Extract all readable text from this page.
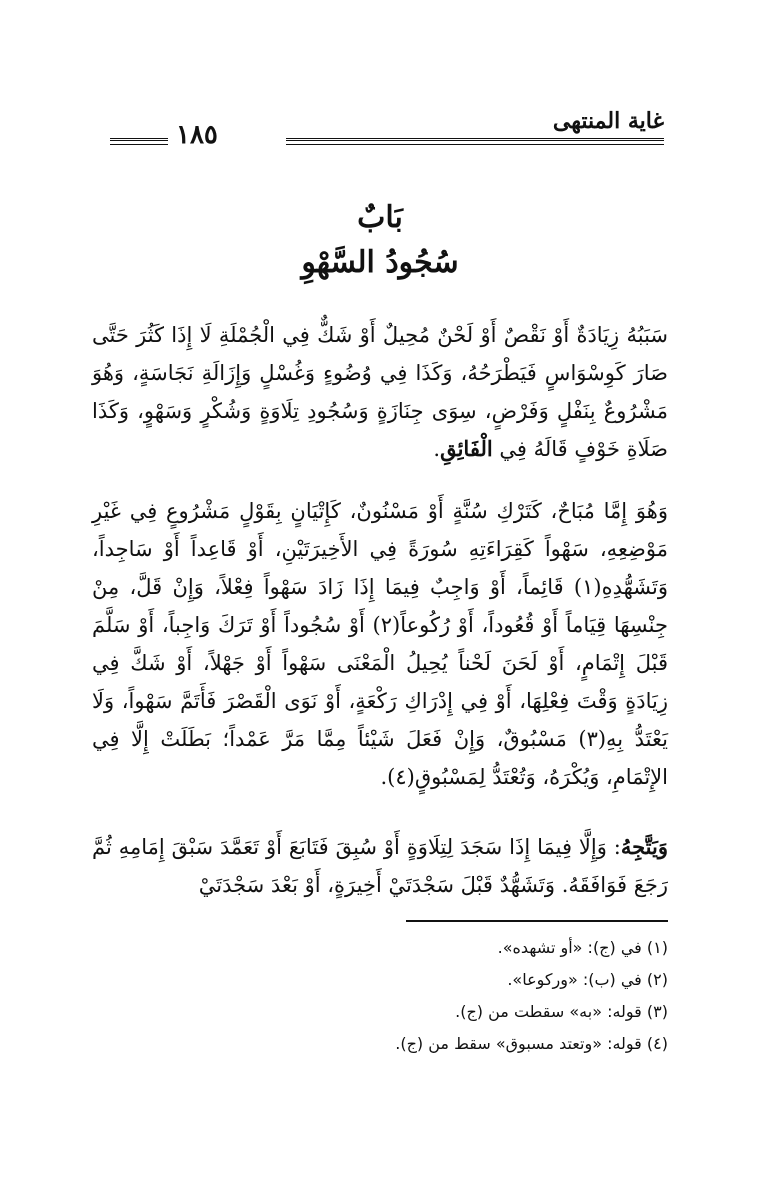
غاية المنتهى
١٨٥
بَابٌ
سُجُودُ السَّهْوِ
سَبَبُهُ زِيَادَةٌ أَوْ نَقْصٌ أَوْ لَحْنٌ مُحِيلٌ أَوْ شَكٌّ فِي الْجُمْلَةِ لَا إِذَا كَثُرَ حَتَّى صَارَ كَوِسْوَاسٍ فَيَطْرَحُهُ، وَكَذَا فِي وُضُوءٍ وَغُسْلٍ وَإِزَالَةِ نَجَاسَةٍ، وَهُوَ مَشْرُوعٌ بِنَفْلٍ وَفَرْضٍ، سِوَى جِنَازَةٍ وَسُجُودِ تِلَاوَةٍ وَشُكْرٍ وَسَهْوٍ، وَكَذَا صَلَاةِ خَوْفٍ قَالَهُ فِي الْفَائِقِ.
وَهُوَ إِمَّا مُبَاحٌ، كَتَرْكِ سُنَّةٍ أَوْ مَسْنُونٌ، كَإِتْيَانٍ بِقَوْلٍ مَشْرُوعٍ فِي غَيْرِ مَوْضِعِهِ، سَهْواً كَقِرَاءَتِهِ سُورَةً فِي الأَخِيرَتَيْنِ، أَوْ قَاعِداً أَوْ سَاجِداً، وَتَشَهُّدِهِ(١) قَائِماً، أَوْ وَاجِبٌ فِيمَا إِذَا زَادَ سَهْواً فِعْلاً، وَإِنْ قَلَّ، مِنْ جِنْسِهَا قِيَاماً أَوْ قُعُوداً، أَوْ رُكُوعاً(٢) أَوْ سُجُوداً أَوْ تَرَكَ وَاجِباً، أَوْ سَلَّمَ قَبْلَ إِتْمَامٍ، أَوْ لَحَنَ لَحْناً يُحِيلُ الْمَعْنَى سَهْواً أَوْ جَهْلاً، أَوْ شَكَّ فِي زِيَادَةٍ وَقْتَ فِعْلِهَا، أَوْ فِي إِدْرَاكِ رَكْعَةٍ، أَوْ نَوَى الْقَصْرَ فَأَتَمَّ سَهْواً، وَلَا يَعْتَدُّ بِهِ(٣) مَسْبُوقٌ، وَإِنْ فَعَلَ شَيْئاً مِمَّا مَرَّ عَمْداً؛ بَطَلَتْ إِلَّا فِي الإِتْمَامِ، وَيُكْرَهُ، وَتُعْتَدُّ لِمَسْبُوقٍ(٤).
وَيَتَّجِهُ: وَإِلَّا فِيمَا إِذَا سَجَدَ لِتِلَاوَةٍ أَوْ سُبِقَ فَتَابَعَ أَوْ تَعَمَّدَ سَبْقَ إِمَامِهِ ثُمَّ رَجَعَ فَوَافَقَهُ. وَتَشَهُّدٌ قَبْلَ سَجْدَتَيْ أَخِيرَةٍ، أَوْ بَعْدَ سَجْدَتَيْ
(١) في (ج): «أو تشهده».
(٢) في (ب): «وركوعا».
(٣) قوله: «به» سقطت من (ج).
(٤) قوله: «وتعتد مسبوق» سقط من (ج).
